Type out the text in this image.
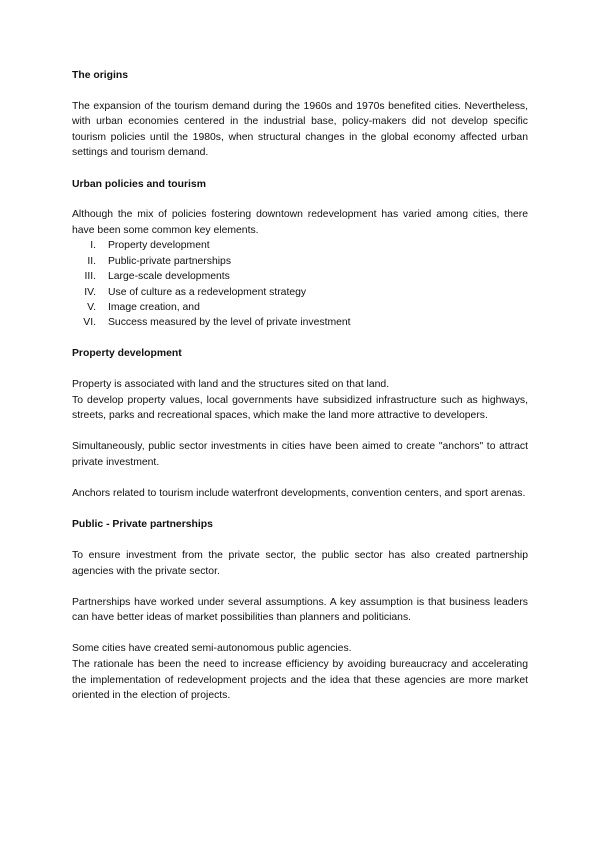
The origins

The expansion of the tourism demand during the 1960s and 1970s benefited cities. Nevertheless, with urban economies centered in the industrial base, policy-makers did not develop specific tourism policies until the 1980s, when structural changes in the global economy affected urban settings and tourism demand.

Urban policies and tourism

Although the mix of policies fostering downtown redevelopment has varied among cities, there have been some common key elements.

I. Property development
II. Public-private partnerships
III. Large-scale developments
IV. Use of culture as a redevelopment strategy
V. Image creation, and
VI. Success measured by the level of private investment
Property development

Property is associated with land and the structures sited on that land.

To develop property values, local governments have subsidized infrastructure such as highways, streets, parks and recreational spaces, which make the land more attractive to developers.

Simultaneously, public sector investments in cities have been aimed to create "anchors" to attract private investment.

Anchors related to tourism include waterfront developments, convention centers, and sport arenas.

Public - Private partnerships

To ensure investment from the private sector, the public sector has also created partnership agencies with the private sector.

Partnerships have worked under several assumptions. A key assumption is that business leaders can have better ideas of market possibilities than planners and politicians.

Some cities have created semi-autonomous public agencies.

The rationale has been the need to increase efficiency by avoiding bureaucracy and accelerating the implementation of redevelopment projects and the idea that these agencies are more market oriented in the election of projects.
